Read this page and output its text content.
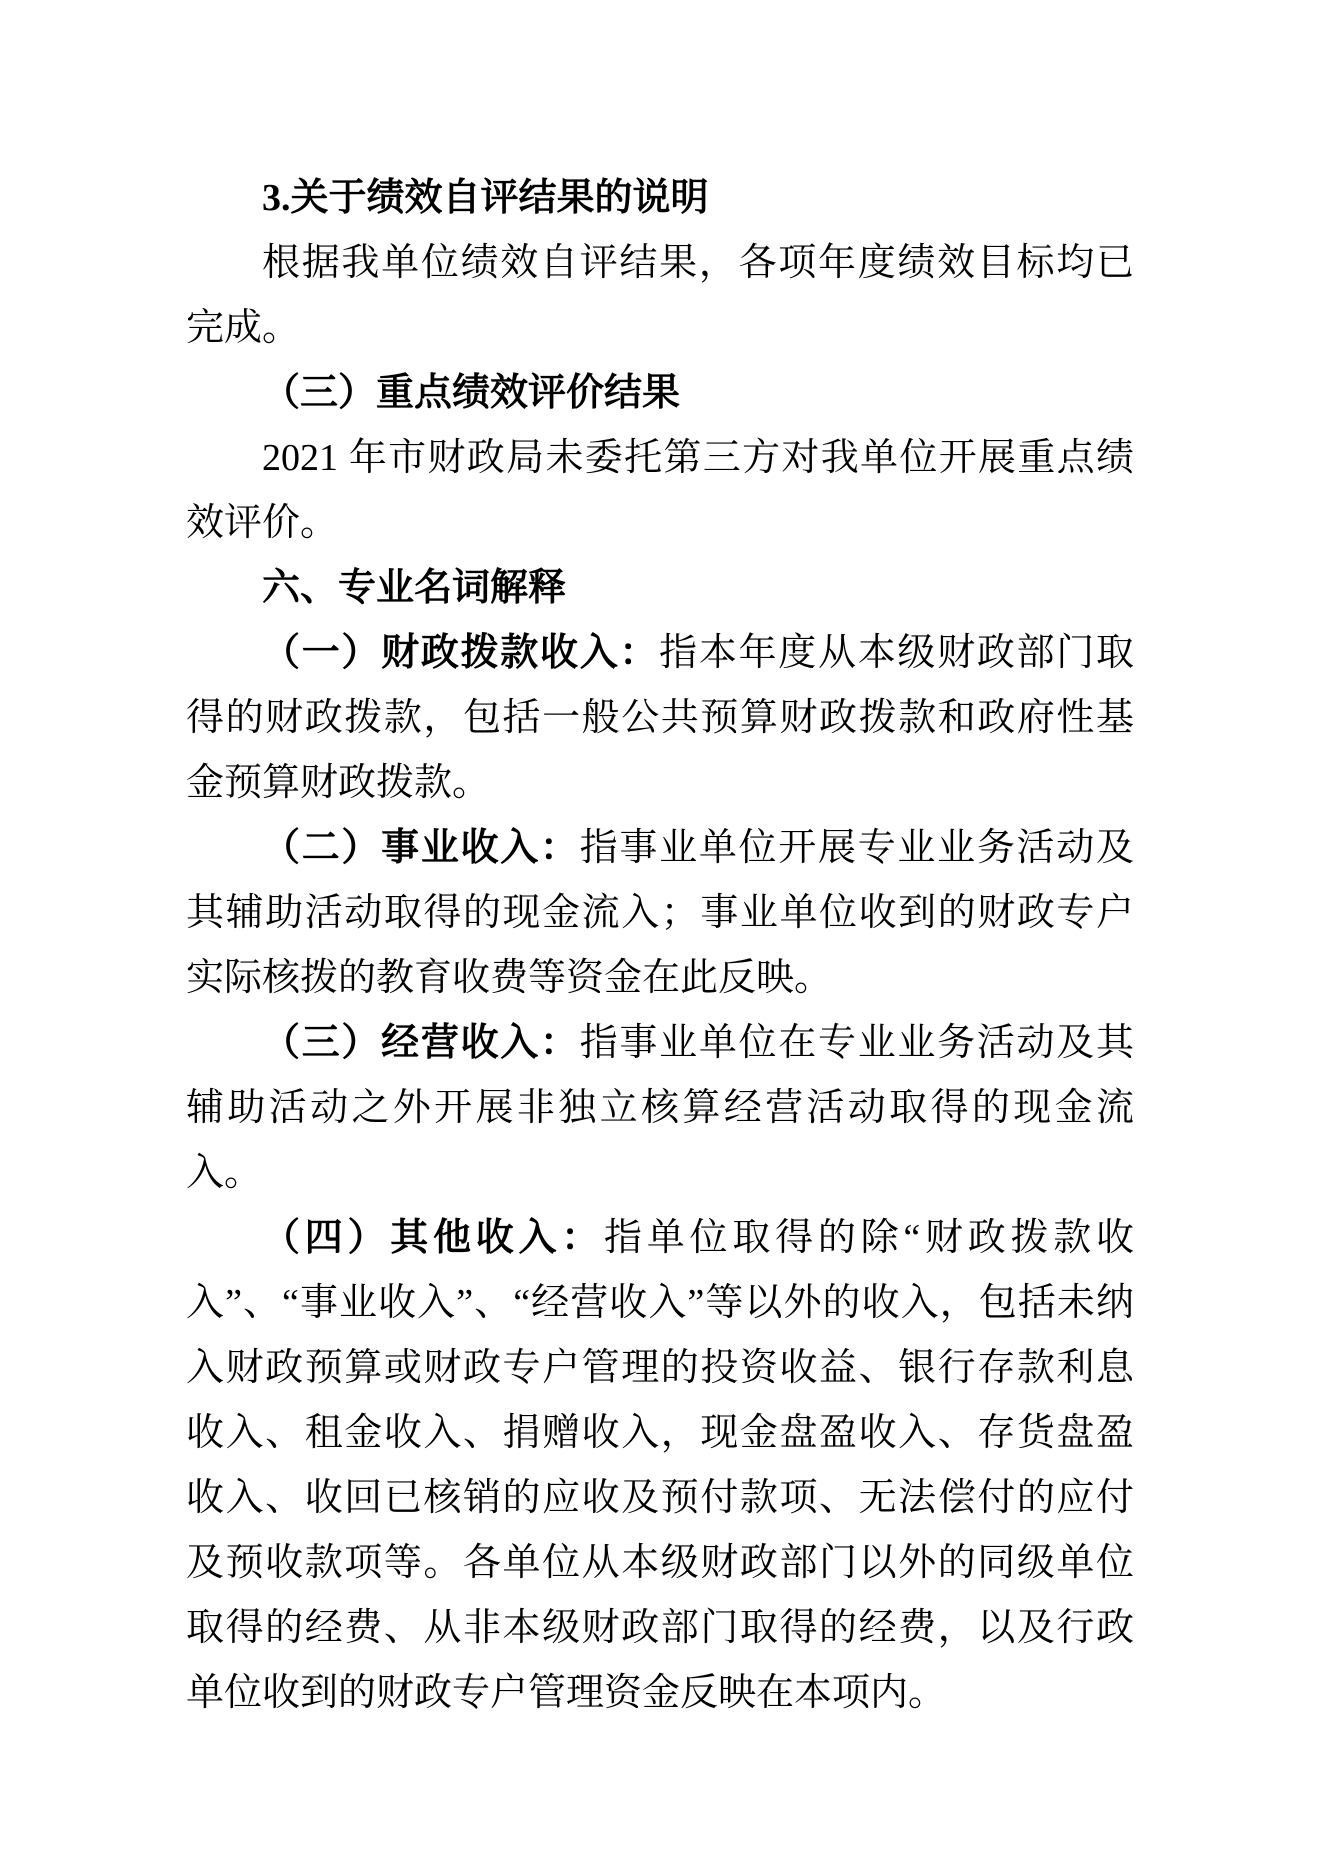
3.关于绩效自评结果的说明

根据我单位绩效自评结果，各项年度绩效目标均已完成。

（三）重点绩效评价结果

2021 年市财政局未委托第三方对我单位开展重点绩效评价。

六、专业名词解释

（一）财政拨款收入：指本年度从本级财政部门取得的财政拨款，包括一般公共预算财政拨款和政府性基金预算财政拨款。

（二）事业收入：指事业单位开展专业业务活动及其辅助活动取得的现金流入；事业单位收到的财政专户实际核拨的教育收费等资金在此反映。

（三）经营收入：指事业单位在专业业务活动及其辅助活动之外开展非独立核算经营活动取得的现金流入。

（四）其他收入：指单位取得的除“财政拨款收入”、“事业收入”、“经营收入”等以外的收入，包括未纳入财政预算或财政专户管理的投资收益、银行存款利息收入、租金收入、捐赠收入，现金盘盈收入、存货盘盈收入、收回已核销的应收及预付款项、无法偿付的应付及预收款项等。各单位从本级财政部门以外的同级单位取得的经费、从非本级财政部门取得的经费，以及行政单位收到的财政专户管理资金反映在本项内。
